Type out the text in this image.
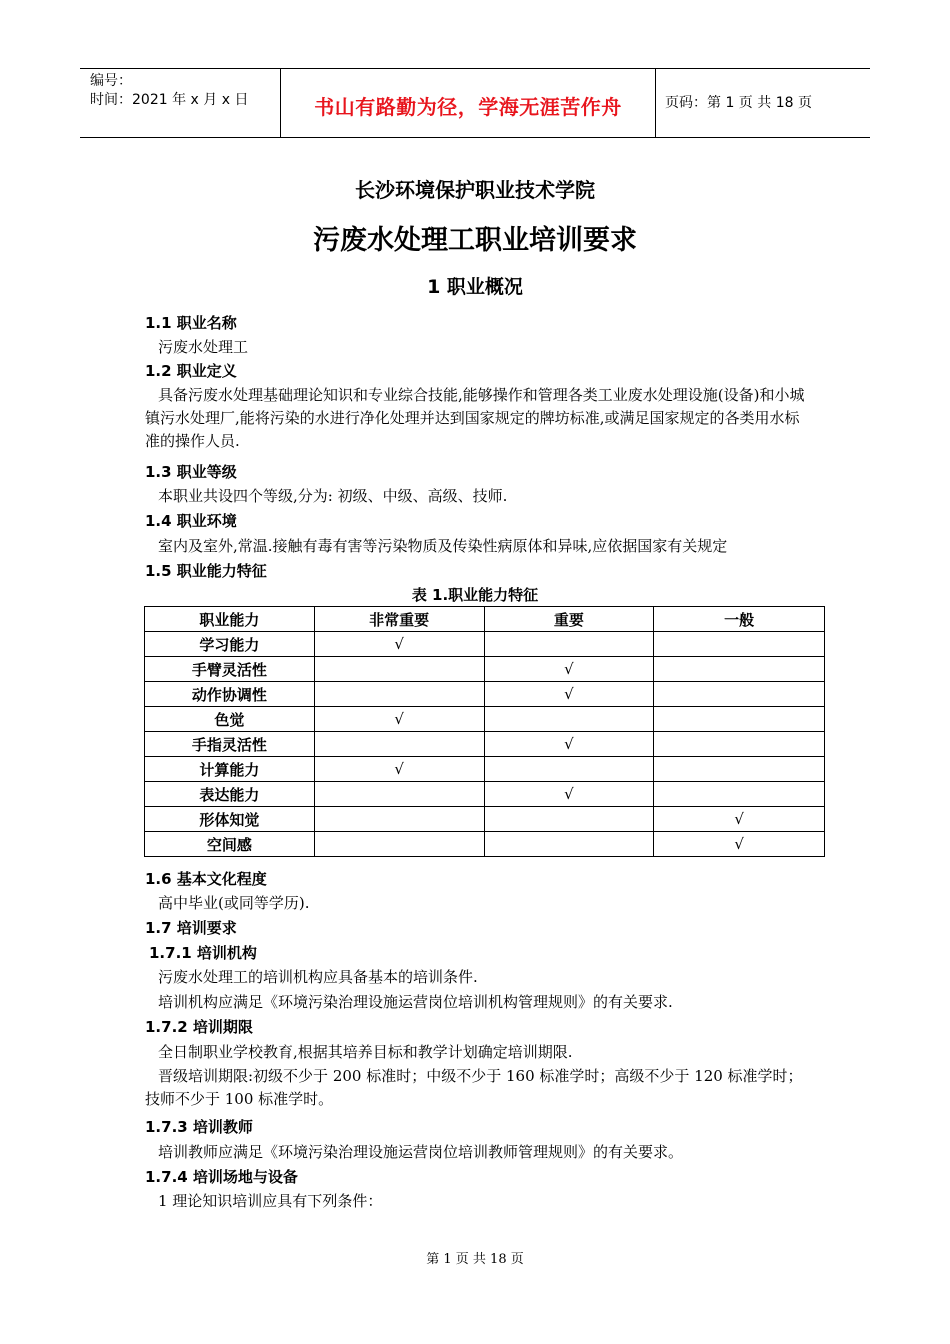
编号：
时间：2021 年 x 月 x 日	书山有路勤为径，学海无涯苦作舟	页码：第 1 页 共 18 页
长沙环境保护职业技术学院
污废水处理工职业培训要求
1 职业概况
1.1 职业名称
污废水处理工
1.2 职业定义
具备污废水处理基础理论知识和专业综合技能,能够操作和管理各类工业废水处理设施(设备)和小城镇污水处理厂,能将污染的水进行净化处理并达到国家规定的牌坊标准,或满足国家规定的各类用水标准的操作人员.
1.3 职业等级
本职业共设四个等级,分为: 初级、中级、高级、技师.
1.4 职业环境
室内及室外,常温.接触有毒有害等污染物质及传染性病原体和异味,应依据国家有关规定
1.5 职业能力特征
表 1.职业能力特征
职业能力	非常重要	重要	一般
学习能力	√		
手臂灵活性		√	
动作协调性		√	
色觉	√		
手指灵活性		√	
计算能力	√		
表达能力		√	
形体知觉			√
空间感			√
1.6 基本文化程度
高中毕业(或同等学历).
1.7 培训要求
1.7.1 培训机构
污废水处理工的培训机构应具备基本的培训条件.
培训机构应满足《环境污染治理设施运营岗位培训机构管理规则》的有关要求.
1.7.2 培训期限
全日制职业学校教育,根据其培养目标和教学计划确定培训期限.
晋级培训期限:初级不少于 200 标准时；中级不少于 160 标准学时；高级不少于 120 标准学时；技师不少于 100 标准学时。
1.7.3 培训教师
培训教师应满足《环境污染治理设施运营岗位培训教师管理规则》的有关要求。
1.7.4 培训场地与设备
1 理论知识培训应具有下列条件：
第 1 页 共 18 页
